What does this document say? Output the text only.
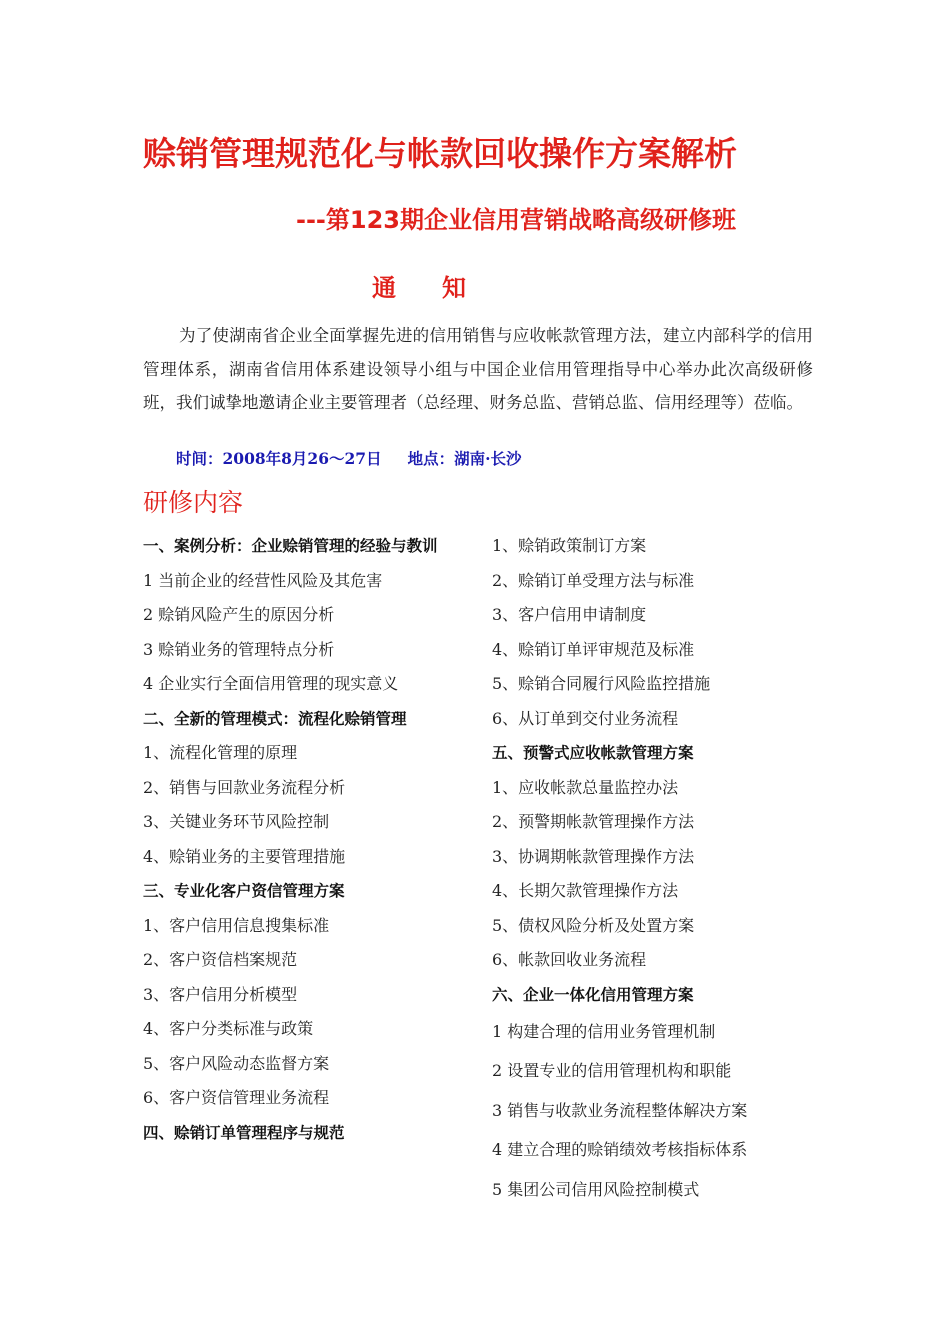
赊销管理规范化与帐款回收操作方案解析
---第123期企业信用营销战略高级研修班
通知
为了使湖南省企业全面掌握先进的信用销售与应收帐款管理方法，建立内部科学的信用管理体系，湖南省信用体系建设领导小组与中国企业信用管理指导中心举办此次高级研修班，我们诚挚地邀请企业主要管理者（总经理、财务总监、营销总监、信用经理等）莅临。
时间：2008年8月26～27日 地点：湖南·长沙
研修内容
一、案例分析：企业赊销管理的经验与教训
1 当前企业的经营性风险及其危害
2 赊销风险产生的原因分析
3 赊销业务的管理特点分析
4 企业实行全面信用管理的现实意义
二、全新的管理模式：流程化赊销管理
1、流程化管理的原理
2、销售与回款业务流程分析
3、关键业务环节风险控制
4、赊销业务的主要管理措施
三、专业化客户资信管理方案
1、客户信用信息搜集标准
2、客户资信档案规范
3、客户信用分析模型
4、客户分类标准与政策
5、客户风险动态监督方案
6、客户资信管理业务流程
四、赊销订单管理程序与规范
1、赊销政策制订方案
2、赊销订单受理方法与标准
3、客户信用申请制度
4、赊销订单评审规范及标准
5、赊销合同履行风险监控措施
6、从订单到交付业务流程
五、预警式应收帐款管理方案
1、应收帐款总量监控办法
2、预警期帐款管理操作方法
3、协调期帐款管理操作方法
4、长期欠款管理操作方法
5、债权风险分析及处置方案
6、帐款回收业务流程
六、企业一体化信用管理方案
1 构建合理的信用业务管理机制
2 设置专业的信用管理机构和职能
3 销售与收款业务流程整体解决方案
4 建立合理的赊销绩效考核指标体系
5 集团公司信用风险控制模式
